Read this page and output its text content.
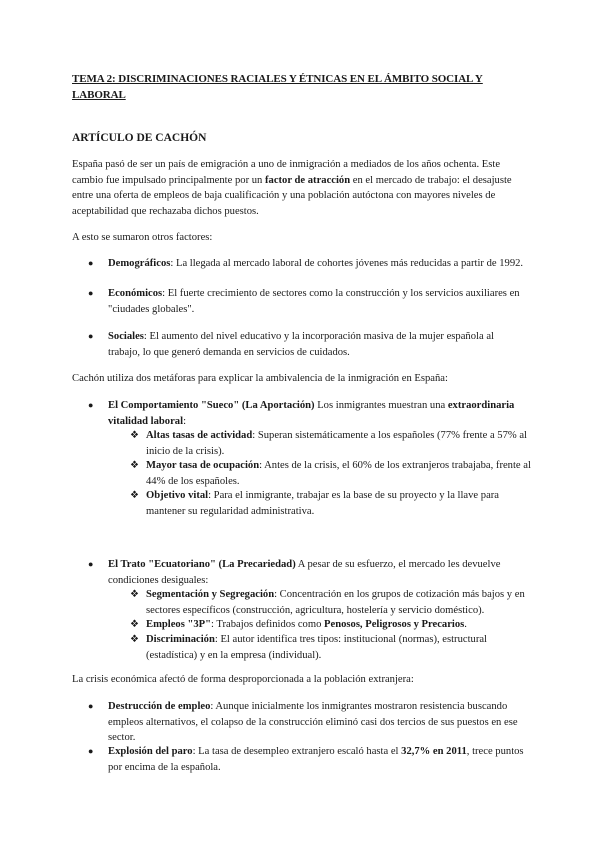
TEMA 2: DISCRIMINACIONES RACIALES Y ÉTNICAS EN EL ÁMBITO SOCIAL Y LABORAL
ARTÍCULO DE CACHÓN
España pasó de ser un país de emigración a uno de inmigración a mediados de los años ochenta. Este cambio fue impulsado principalmente por un factor de atracción en el mercado de trabajo: el desajuste entre una oferta de empleos de baja cualificación y una población autóctona con mayores niveles de aceptabilidad que rechazaba dichos puestos.
A esto se sumaron otros factores:
● Demográficos: La llegada al mercado laboral de cohortes jóvenes más reducidas a partir de 1992.
● Económicos: El fuerte crecimiento de sectores como la construcción y los servicios auxiliares en "ciudades globales".
● Sociales: El aumento del nivel educativo y la incorporación masiva de la mujer española al trabajo, lo que generó demanda en servicios de cuidados.
Cachón utiliza dos metáforas para explicar la ambivalencia de la inmigración en España:
● El Comportamiento "Sueco" (La Aportación) Los inmigrantes muestran una extraordinaria vitalidad laboral:
❖ Altas tasas de actividad: Superan sistemáticamente a los españoles (77% frente a 57% al inicio de la crisis).
❖ Mayor tasa de ocupación: Antes de la crisis, el 60% de los extranjeros trabajaba, frente al 44% de los españoles.
❖ Objetivo vital: Para el inmigrante, trabajar es la base de su proyecto y la llave para mantener su regularidad administrativa.
● El Trato "Ecuatoriano" (La Precariedad) A pesar de su esfuerzo, el mercado les devuelve condiciones desiguales:
❖ Segmentación y Segregación: Concentración en los grupos de cotización más bajos y en sectores específicos (construcción, agricultura, hostelería y servicio doméstico).
❖ Empleos "3P": Trabajos definidos como Penosos, Peligrosos y Precarios.
❖ Discriminación: El autor identifica tres tipos: institucional (normas), estructural (estadística) y en la empresa (individual).
La crisis económica afectó de forma desproporcionada a la población extranjera:
● Destrucción de empleo: Aunque inicialmente los inmigrantes mostraron resistencia buscando empleos alternativos, el colapso de la construcción eliminó casi dos tercios de sus puestos en ese sector.
● Explosión del paro: La tasa de desempleo extranjero escaló hasta el 32,7% en 2011, trece puntos por encima de la española.
